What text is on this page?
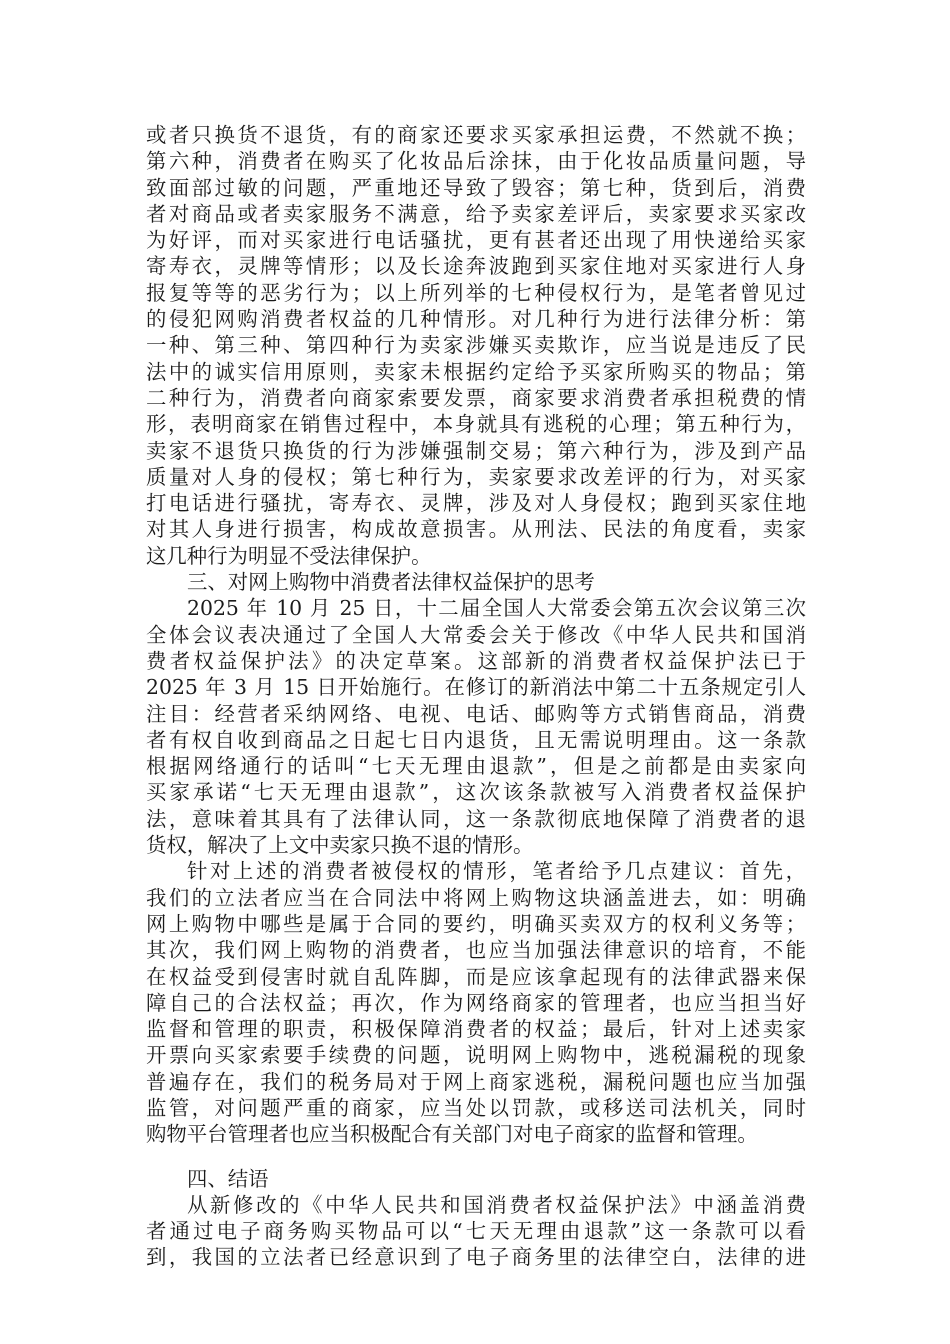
或者只换货不退货，有的商家还要求买家承担运费，不然就不换；
第六种，消费者在购买了化妆品后涂抹，由于化妆品质量问题，导
致面部过敏的问题，严重地还导致了毁容；第七种，货到后，消费
者对商品或者卖家服务不满意，给予卖家差评后，卖家要求买家改
为好评，而对买家进行电话骚扰，更有甚者还出现了用快递给买家
寄寿衣，灵牌等情形；以及长途奔波跑到买家住地对买家进行人身
报复等等的恶劣行为；以上所列举的七种侵权行为，是笔者曾见过
的侵犯网购消费者权益的几种情形。对几种行为进行法律分析：第
一种、第三种、第四种行为卖家涉嫌买卖欺诈，应当说是违反了民
法中的诚实信用原则，卖家未根据约定给予买家所购买的物品；第
二种行为，消费者向商家索要发票，商家要求消费者承担税费的情
形，表明商家在销售过程中，本身就具有逃税的心理；第五种行为，
卖家不退货只换货的行为涉嫌强制交易；第六种行为，涉及到产品
质量对人身的侵权；第七种行为，卖家要求改差评的行为，对买家
打电话进行骚扰，寄寿衣、灵牌，涉及对人身侵权；跑到买家住地
对其人身进行损害，构成故意损害。从刑法、民法的角度看，卖家
这几种行为明显不受法律保护。
三、对网上购物中消费者法律权益保护的思考
2025 年 10 月 25 日，十二届全国人大常委会第五次会议第三次
全体会议表决通过了全国人大常委会关于修改《中华人民共和国消
费者权益保护法》的决定草案。这部新的消费者权益保护法已于
2025 年 3 月 15 日开始施行。在修订的新消法中第二十五条规定引人
注目：经营者采纳网络、电视、电话、邮购等方式销售商品，消费
者有权自收到商品之日起七日内退货，且无需说明理由。这一条款
根据网络通行的话叫“七天无理由退款”，但是之前都是由卖家向
买家承诺“七天无理由退款”，这次该条款被写入消费者权益保护
法，意味着其具有了法律认同，这一条款彻底地保障了消费者的退
货权，解决了上文中卖家只换不退的情形。
针对上述的消费者被侵权的情形，笔者给予几点建议：首先，
我们的立法者应当在合同法中将网上购物这块涵盖进去，如：明确
网上购物中哪些是属于合同的要约，明确买卖双方的权利义务等；
其次，我们网上购物的消费者，也应当加强法律意识的培育，不能
在权益受到侵害时就自乱阵脚，而是应该拿起现有的法律武器来保
障自己的合法权益；再次，作为网络商家的管理者，也应当担当好
监督和管理的职责，积极保障消费者的权益；最后，针对上述卖家
开票向买家索要手续费的问题，说明网上购物中，逃税漏税的现象
普遍存在，我们的税务局对于网上商家逃税，漏税问题也应当加强
监管，对问题严重的商家，应当处以罚款，或移送司法机关，同时
购物平台管理者也应当积极配合有关部门对电子商家的监督和管理。
四、结语
从新修改的《中华人民共和国消费者权益保护法》中涵盖消费
者通过电子商务购买物品可以“七天无理由退款”这一条款可以看
到，我国的立法者已经意识到了电子商务里的法律空白，法律的进
